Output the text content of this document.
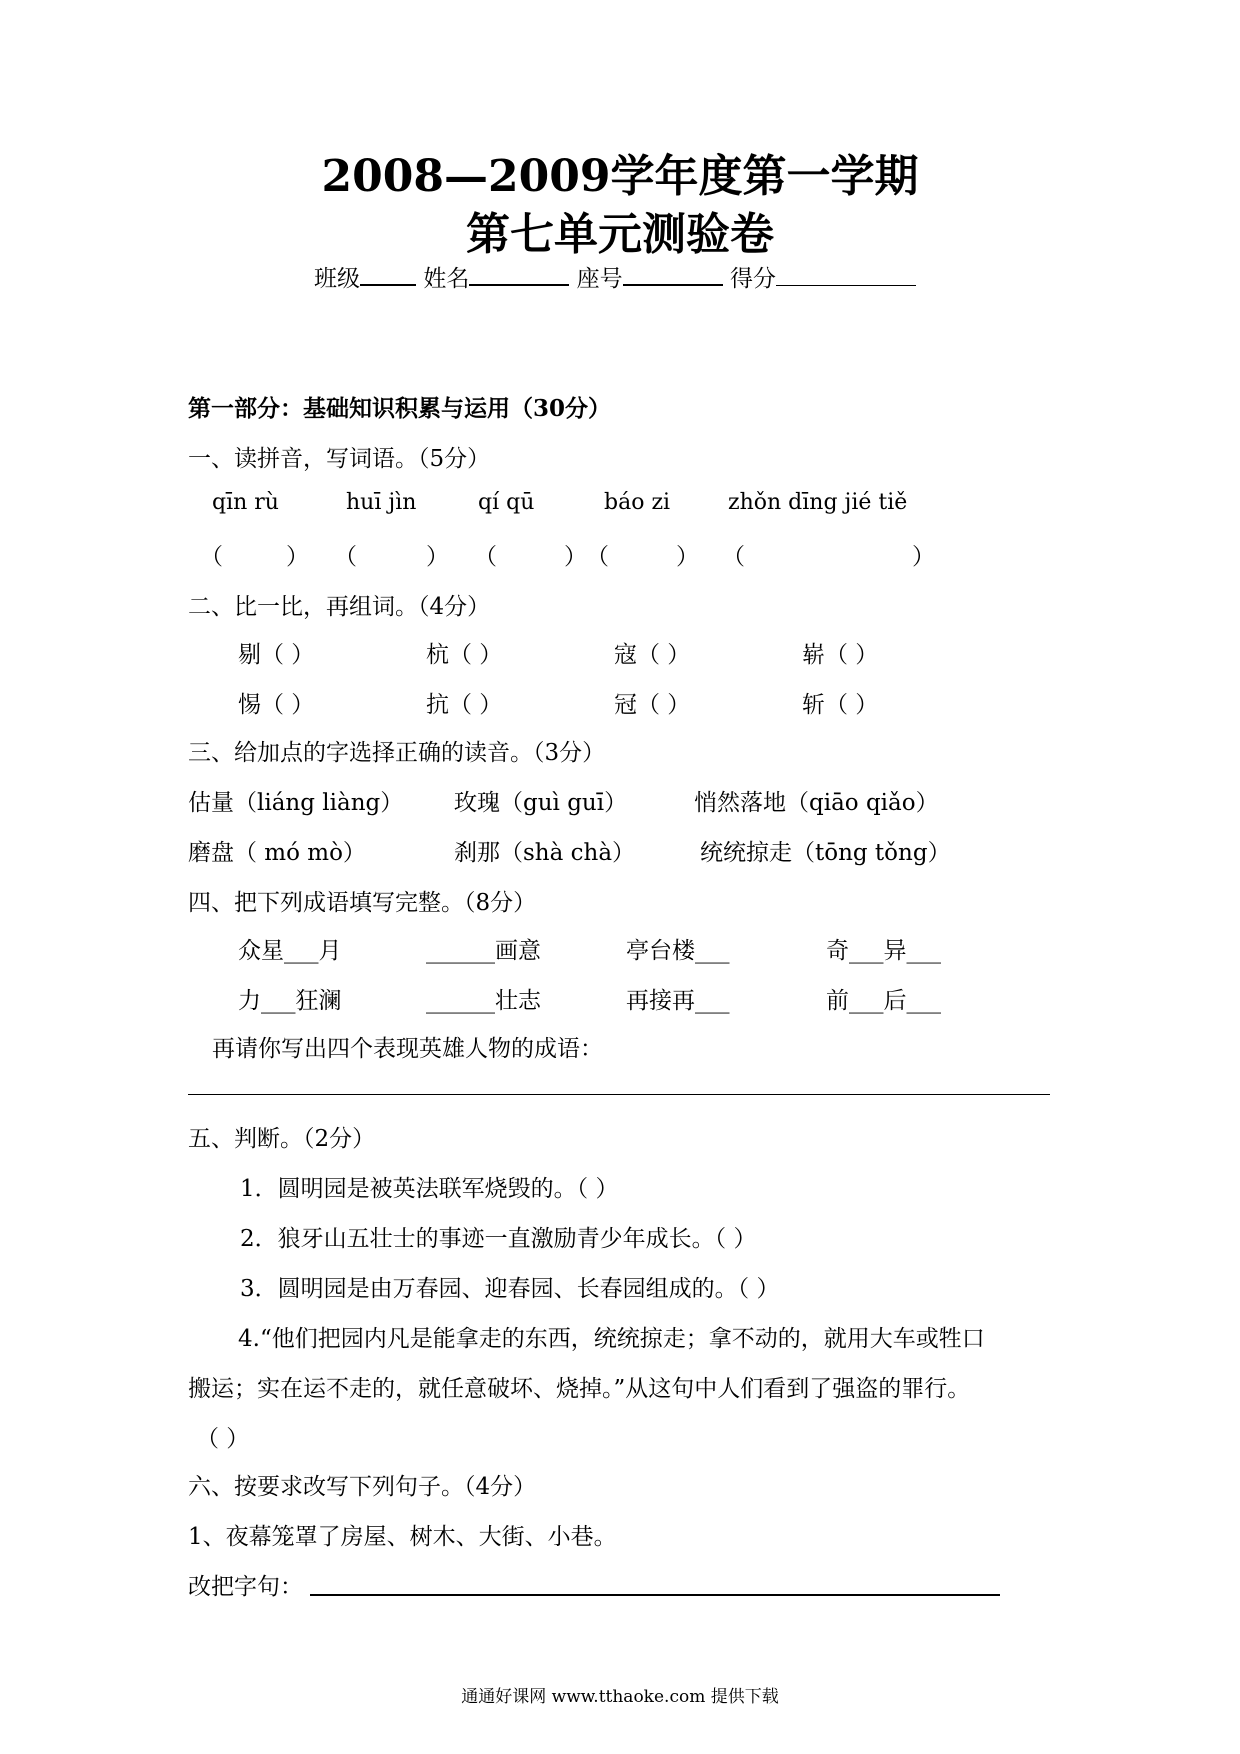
2008—2009学年度第一学期
第七单元测验卷
班级	姓名	座号	得分
第一部分：基础知识积累与运用（30分）
一、读拼音，写词语。（5分）
qīn rù	huī jìn	qí qū	báo zi	zhǒn dīng jié tiě
（	） （	） （	） （	） （	）
二、比一比，再组词。（4分）
剔（ ）	杭（ ）	寇（ ）	崭（ ）
惕（ ）	抗（ ）	冠（ ）	斩（ ）
三、给加点的字选择正确的读音。（3分）
估量（liáng liàng） 玫瑰（guì guī）	悄然落地（qiāo qiǎo）
磨盘（ mó mò）	刹那（shà chà）	统统掠走（tōng tǒng）
四、把下列成语填写完整。（8分）
众星___月	______画意	亭台楼___	奇___异___
力___狂澜	______壮志	再接再___	前___后___
再请你写出四个表现英雄人物的成语：
五、判断。（2分）
1．圆明园是被英法联军烧毁的。（ ）
2．狼牙山五壮士的事迹一直激励青少年成长。（ ）
3．圆明园是由万春园、迎春园、长春园组成的。（ ）
4.“他们把园内凡是能拿走的东西，统统掠走；拿不动的，就用大车或牲口
搬运；实在运不走的，就任意破坏、烧掉。”从这句中人们看到了强盗的罪行。
（ ）
六、按要求改写下列句子。（4分）
1、夜幕笼罩了房屋、树木、大街、小巷。
改把字句：
通通好课网 www.tthaoke.com 提供下载
